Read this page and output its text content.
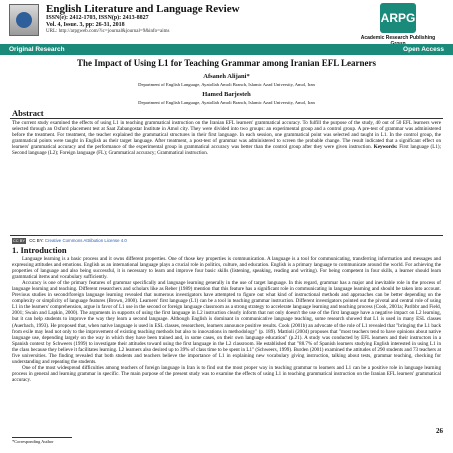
English Literature and Language Review
ISSN(e): 2412-1703, ISSN(p): 2413-8827
Vol. 4, Issue. 3, pp: 26-31, 2018
URL: http://arpgweb.com/?ic=journal&journal=9&info=aims
ARPG
Academic Research Publishing
Original Research	Open Access
The Impact of Using L1 for Teaching Grammar among Iranian EFL Learners
Afsaneh Alijani*
Department of English Language, Ayatollah Amoli Branch, Islamic Azad University, Amol, Iran
Hamed Barjesteh
Department of English Language, Ayatollah Amoli Branch, Islamic Azad University, Amol, Iran
Abstract
The current study examined the effects of using L1 in teaching grammatical instruction on the Iranian EFL learners' grammatical accuracy. To fulfill the purpose of the study, 40 out of 50 EFL learners were selected through an Oxford placement test at Saat Zabangostar Institute in Amol city. They were divided into two groups: an experimental group and a control group. A pre-test of grammar was administered before the treatment. For treatment, the teacher explained the grammatical structures in their first language. In each session, one grammatical point was selected and taught in L1. In the control group, the grammatical points were taught in English as their target language. After treatment, a post-test of grammar was administered to screen the probable change. The result indicated that a significant effect on learners' grammatical accuracy and the performance of the experimental group in grammatical accuracy was better than the control group after they were given instruction. Keywords: First language (L1); Second language (L2); Foreign language (FL); Grammatical accuracy; Grammatical instruction.
CC BY CC BY: Creative Commons Attribution License 4.0
1. Introduction

Language learning is a basic process and it owns different properties. One of those key properties is communication. A language is a tool for communicating, transferring information and messages and expressing attitudes and emotions. English as an international language plays a crucial role in politics, culture, and education. English is a primary language to communicate around the world. For achieving the properties of language and also being successful, it is necessary to learn and improve four basic skills (listening, speaking, reading and writing). For being competent in four skills, a learner should learn grammatical items and vocabulary sufficiently.

Accuracy is one of the primary features of grammar specifically and language learning generally in the use of target language. In this regard, grammar has a major and inevitable role in the process of language learning and teaching. Different researchers and scholars like as Reber (1989) mention that this feature has a significant role in communicating in language learning and should be taken into account. Previous studies in second/foreign language learning revealed that numerous investigators have attempted to figure out what kind of instructional methods and approaches can be better depending on the complexity or simplicity of language features (Brown, 2000). Learners' first language (L1) can be a tool in teaching grammar instruction. Different investigators pointed out the pivotal and central role of using L1 in the learners' comprehension, argue in favor of L1 use in the second or foreign language classroom as a strong strategy to accelerate language learning and teaching process (Cook, 2001a; Paribbr and Field, 2001; Swain and Lapkin, 2000). The arguments in supports of using the first language in L2 instruction clearly inform that not only doesn't the use of the first language have a negative impact on L2 learning, but it can help students to improve the way they learn a second language. Although English is dominant in communicative language teaching, some research showed that L1 is used in many ESL classes (Auerbach, 1993). He proposed that, when native language is used in ESL classes, researchers, learners announce positive results. Cook (2001b) an advocate of the role of L1 revealed that "bringing the L1 back from exile may lead not only to the improvement of existing teaching methods but also to innovations in methodology" (p. 189). Mattioli (2004) proposes that "most teachers tend to have opinions about native language use, depending largely on the way in which they have been trained and, in some cases, on their own language education" (p.21). A study was conducted by EFL learners and their instructors in a Spanish context by Schweers (1999) to investigate their attitudes toward using the first language in the L2 classroom. He established that "88.7% of Spanish learners studying English interested in using L1 in the class because they believe it facilitates learning. L2 learners also desired up to 39% of class time to be spent in L1" (Schweers, 1999). Burden (2001) examined the attitudes of 290 students and 73 teachers at five universities. The finding revealed that both students and teachers believe the importance of L1 in explaining new vocabulary giving instruction, talking about tests, grammar teaching, checking for understanding and repeating the students.

One of the most widespread difficulties among teachers of foreign language in Iran is to find out the most proper way in teaching grammar to learners and L1 can be a positive role in language learning process in general and learning grammar in specific. The main purpose of the present study was to examine the effects of using L1 in teaching grammatical instruction on the Iranian EFL learners' grammatical accuracy.

26
*Corresponding Author
